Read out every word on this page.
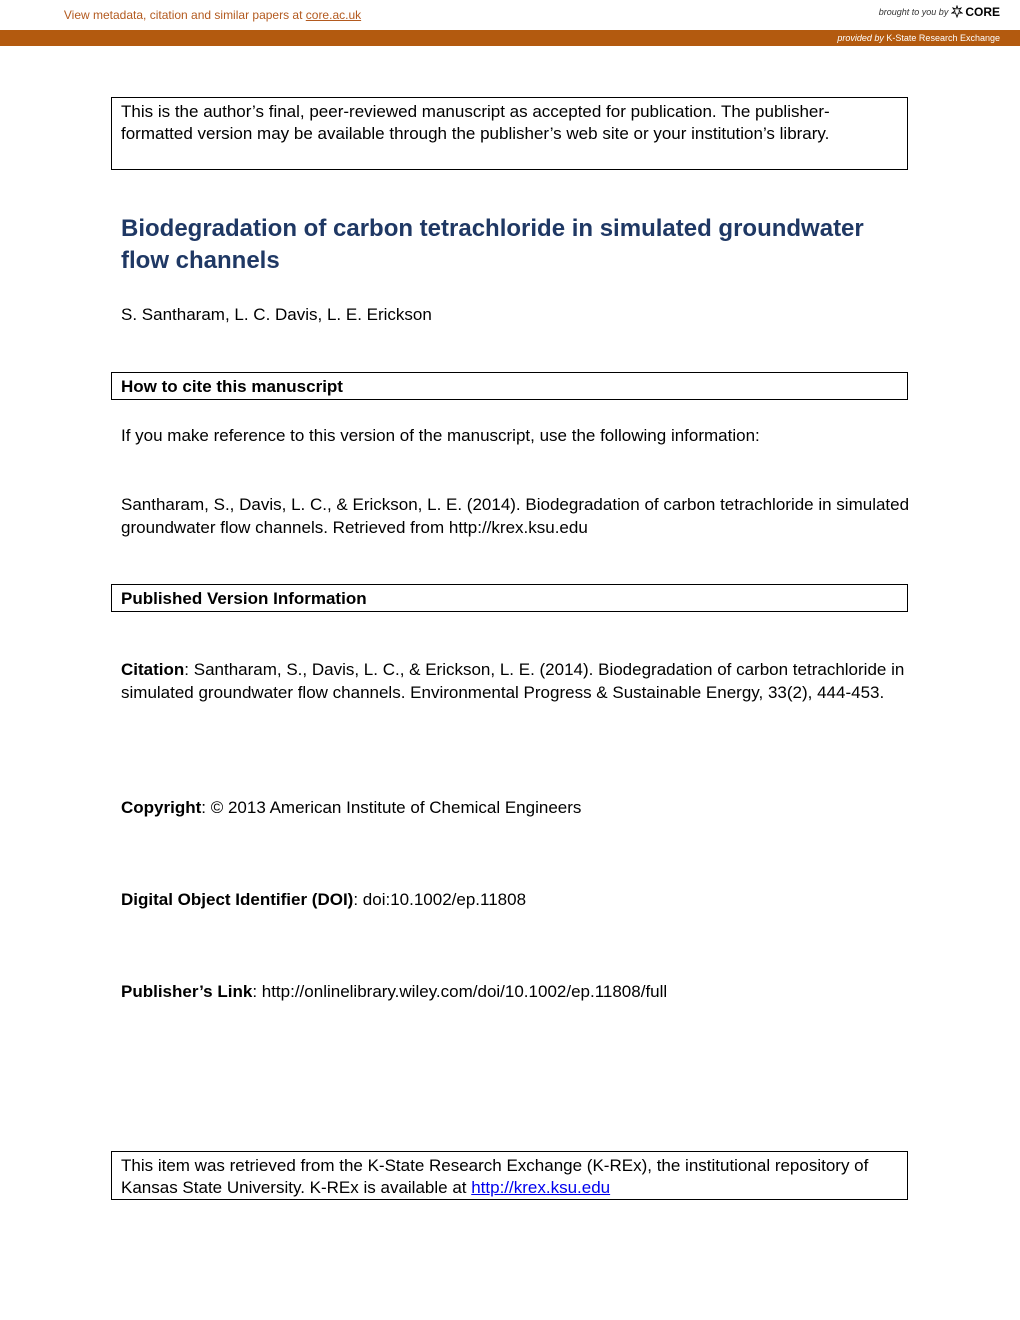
View metadata, citation and similar papers at core.ac.uk	brought to you by CORE
provided by K-State Research Exchange
This is the author’s final, peer-reviewed manuscript as accepted for publication. The publisher-formatted version may be available through the publisher’s web site or your institution’s library.
Biodegradation of carbon tetrachloride in simulated groundwater flow channels
S. Santharam, L. C. Davis, L. E. Erickson
How to cite this manuscript
If you make reference to this version of the manuscript, use the following information:
Santharam, S., Davis, L. C., & Erickson, L. E. (2014). Biodegradation of carbon tetrachloride in simulated groundwater flow channels. Retrieved from http://krex.ksu.edu
Published Version Information
Citation: Santharam, S., Davis, L. C., & Erickson, L. E. (2014). Biodegradation of carbon tetrachloride in simulated groundwater flow channels. Environmental Progress & Sustainable Energy, 33(2), 444-453.
Copyright: © 2013 American Institute of Chemical Engineers
Digital Object Identifier (DOI): doi:10.1002/ep.11808
Publisher’s Link: http://onlinelibrary.wiley.com/doi/10.1002/ep.11808/full
This item was retrieved from the K-State Research Exchange (K-REx), the institutional repository of Kansas State University. K-REx is available at http://krex.ksu.edu
